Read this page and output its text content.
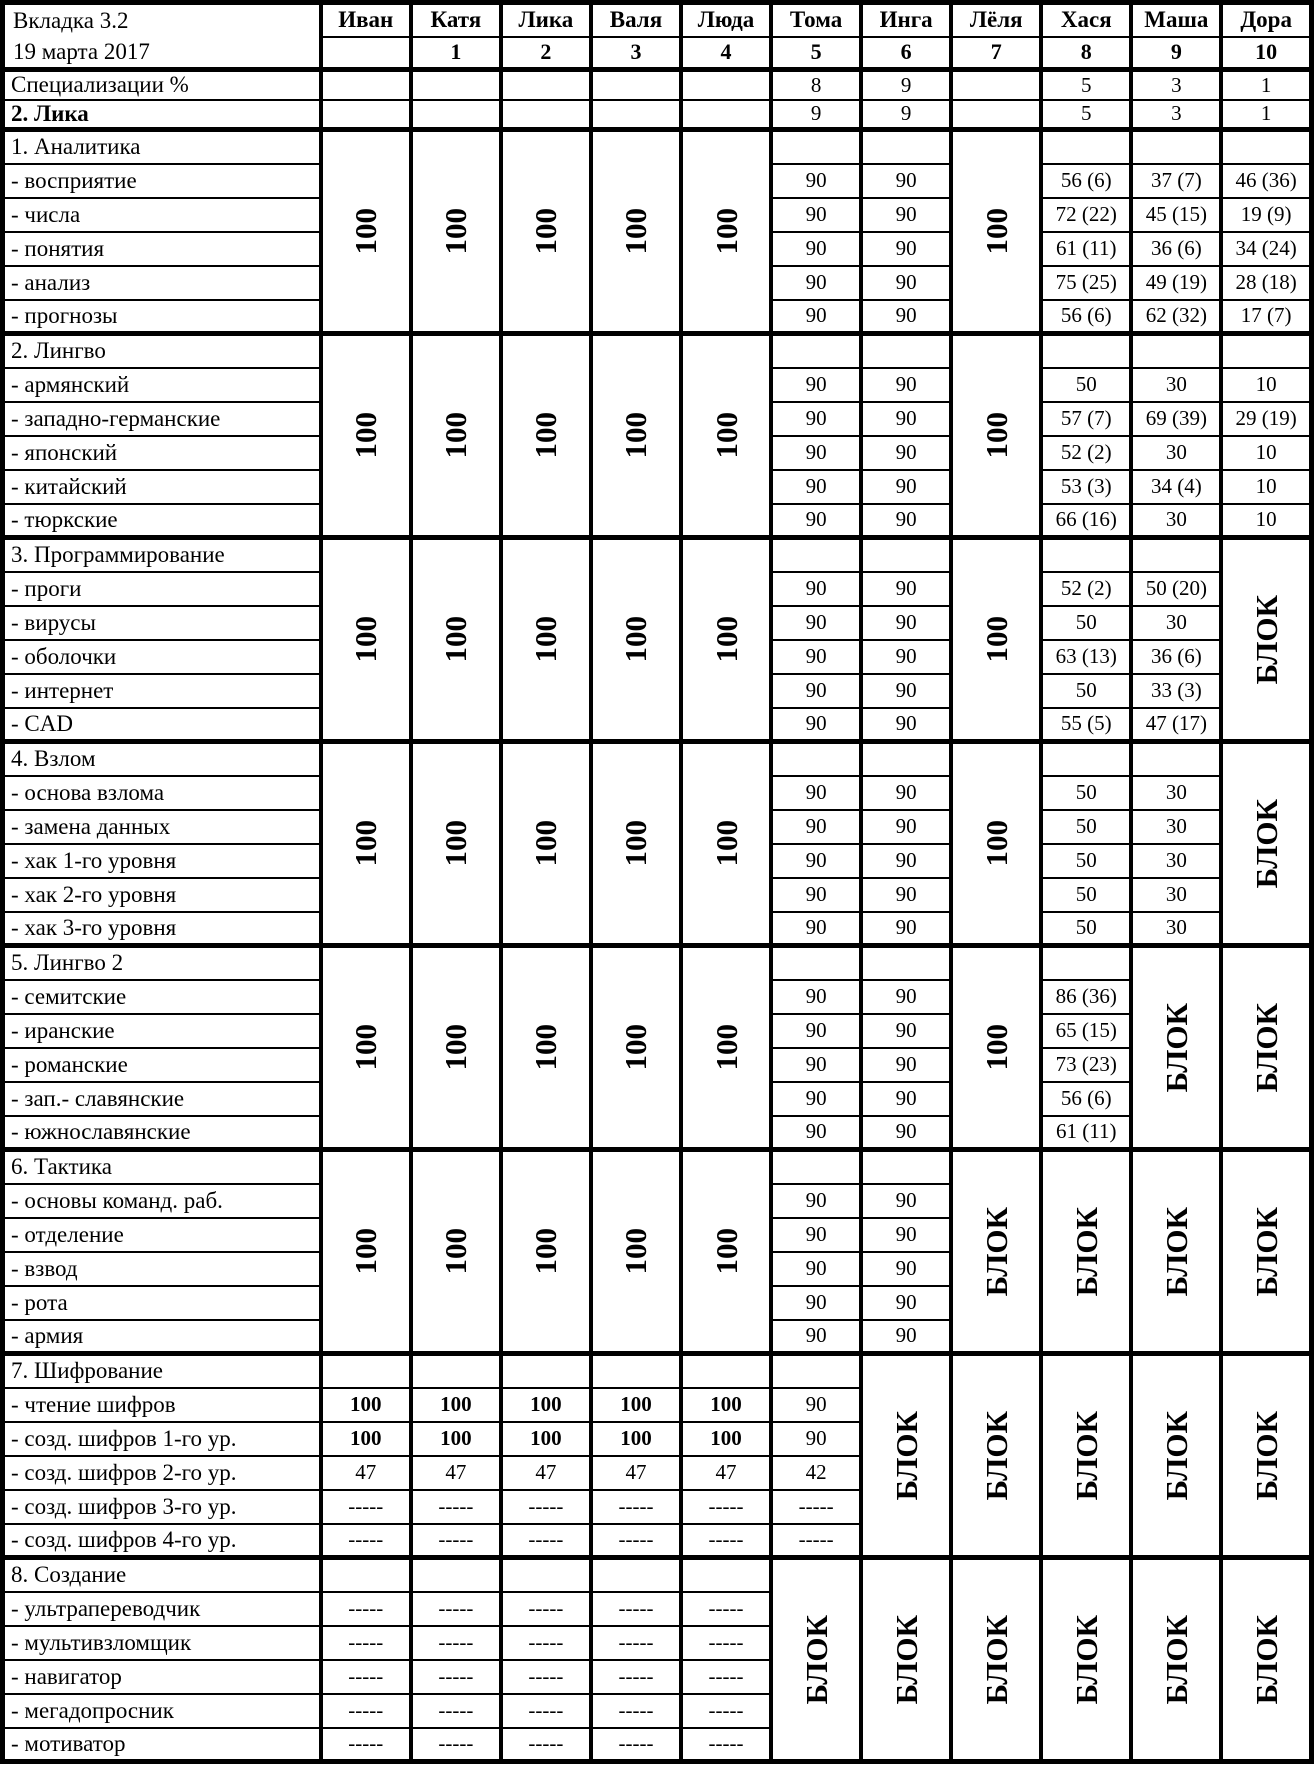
Вкладка 3.2
19 марта 2017	Иван	Катя	Лика	Валя	Люда	Тома	Инга	Лёля	Хася	Маша	Дора
		1	2	3	4	5	6	7	8	9	10
Специализации %						8	9		5	3	1
2. Лика						9	9		5	3	1
1. Аналитика	100	100	100	100	100			100			

- восприятие						90	90		56 (6)	37 (7)	46 (36)
- числа						90	90		72 (22)	45 (15)	19 (9)
- понятия						90	90		61 (11)	36 (6)	34 (24)
- анализ						90	90		75 (25)	49 (19)	28 (18)
- прогнозы						90	90		56 (6)	62 (32)	17 (7)
2. Лингво	100	100	100	100	100			100			

- армянский						90	90		50	30	10
- западно-германские						90	90		57 (7)	69 (39)	29 (19)
- японский						90	90		52 (2)	30	10
- китайский						90	90		53 (3)	34 (4)	10
- тюркские						90	90		66 (16)	30	10
3. Программирование	100	100	100	100	100			100			БЛОК

- проги						90	90		52 (2)	50 (20)	
- вирусы						90	90		50	30	
- оболочки						90	90		63 (13)	36 (6)	
- интернет						90	90		50	33 (3)	
- CAD						90	90		55 (5)	47 (17)	
4. Взлом	100	100	100	100	100			100			БЛОК

- основа взлома						90	90		50	30	
- замена данных						90	90		50	30	
- хак 1-го уровня						90	90		50	30	
- хак 2-го уровня						90	90		50	30	
- хак 3-го уровня						90	90		50	30	
5. Лингво 2	100	100	100	100	100			100		БЛОК	БЛОК

- семитские						90	90		86 (36)		
- иранские						90	90		65 (15)		
- романские						90	90		73 (23)		
- зап.- славянские						90	90		56 (6)		
- южнославянские						90	90		61 (11)		
6. Тактика	100	100	100	100	100			БЛОК	БЛОК	БЛОК	БЛОК

- основы команд. раб.						90	90				
- отделение						90	90				
- взвод						90	90				
- рота						90	90				
- армия						90	90				
7. Шифрование							БЛОК	БЛОК	БЛОК	БЛОК	БЛОК

- чтение шифров	100	100	100	100	100	90					
- созд. шифров 1-го ур.	100	100	100	100	100	90					
- созд. шифров 2-го ур.	47	47	47	47	47	42					
- созд. шифров 3-го ур.	-----	-----	-----	-----	-----	-----					
- созд. шифров 4-го ур.	-----	-----	-----	-----	-----	-----					
8. Создание						БЛОК	БЛОК	БЛОК	БЛОК	БЛОК	БЛОК

- ультрапереводчик	-----	-----	-----	-----	-----						
- мультивзломщик	-----	-----	-----	-----	-----						
- навигатор	-----	-----	-----	-----	-----						
- мегадопросник	-----	-----	-----	-----	-----						
- мотиватор	-----	-----	-----	-----	-----						
